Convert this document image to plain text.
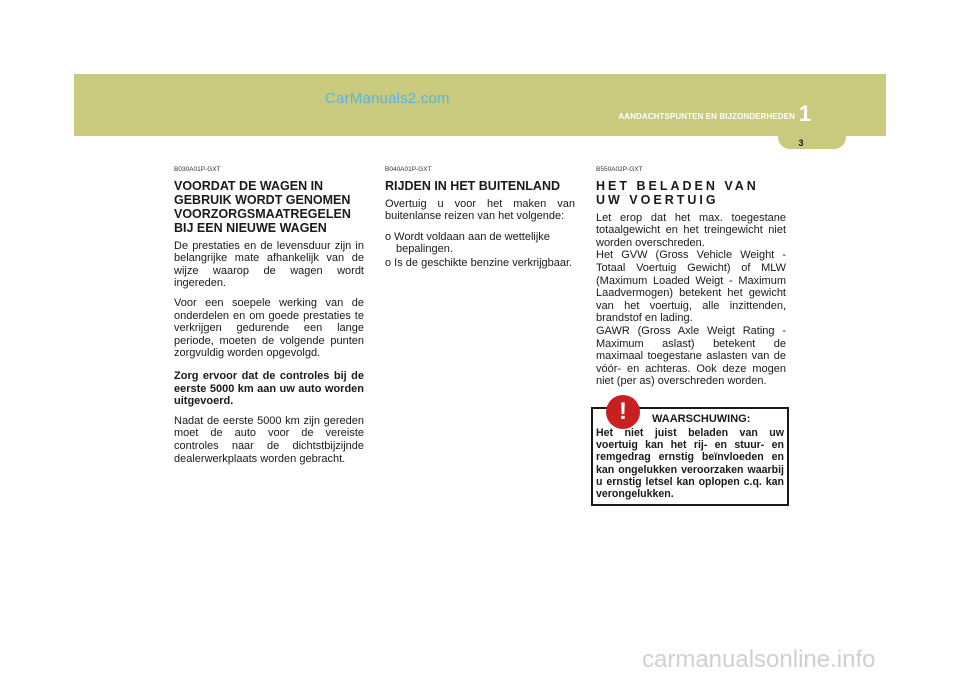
CarManuals2.com
AANDACHTSPUNTEN EN BIJZONDERHEDEN 1
3
B030A01P-GXT
VOORDAT DE WAGEN IN GEBRUIK WORDT GENOMEN VOORZORGSMAATREGELEN BIJ EEN NIEUWE WAGEN

De prestaties en de levensduur zijn in belangrijke mate afhankelijk van de wijze waarop de wagen wordt ingereden.

Voor een soepele werking van de onderdelen en om goede prestaties te verkrijgen gedurende een lange periode, moeten de volgende punten zorgvuldig worden opgevolgd.

Zorg ervoor dat de controles bij de eerste 5000 km aan uw auto worden uitgevoerd.

Nadat de eerste 5000 km zijn gereden moet de auto voor de vereiste controles naar de dichtstbijzijnde dealerwerkplaats worden gebracht.

B040A01P-GXT
RIJDEN IN HET BUITENLAND

Overtuig u voor het maken van buitenlanse reizen van het volgende:

o Wordt voldaan aan de wettelijke bepalingen.
o Is de geschikte benzine verkrijgbaar.
B550A02P-GXT
HET BELADEN VAN UW VOERTUIG

Let erop dat het max. toegestane totaalgewicht en het treingewicht niet worden overschreden.

Het GVW (Gross Vehicle Weight - Totaal Voertuig Gewicht) of MLW (Maximum Loaded Weigt - Maximum Laadvermogen) betekent het gewicht van het voertuig, alle inzittenden, brandstof en lading.

GAWR (Gross Axle Weigt Rating - Maximum aslast) betekent de maximaal toegestane aslasten van de vóór- en achteras. Ook deze mogen niet (per as) overschreden worden.

!	WAARSCHUWING:
Het niet juist beladen van uw voertuig kan het rij- en stuur- en remgedrag ernstig beïnvloeden en kan ongelukken veroorzaken waarbij u ernstig letsel kan oplopen c.q. kan verongelukken.
carmanualsonline.info
